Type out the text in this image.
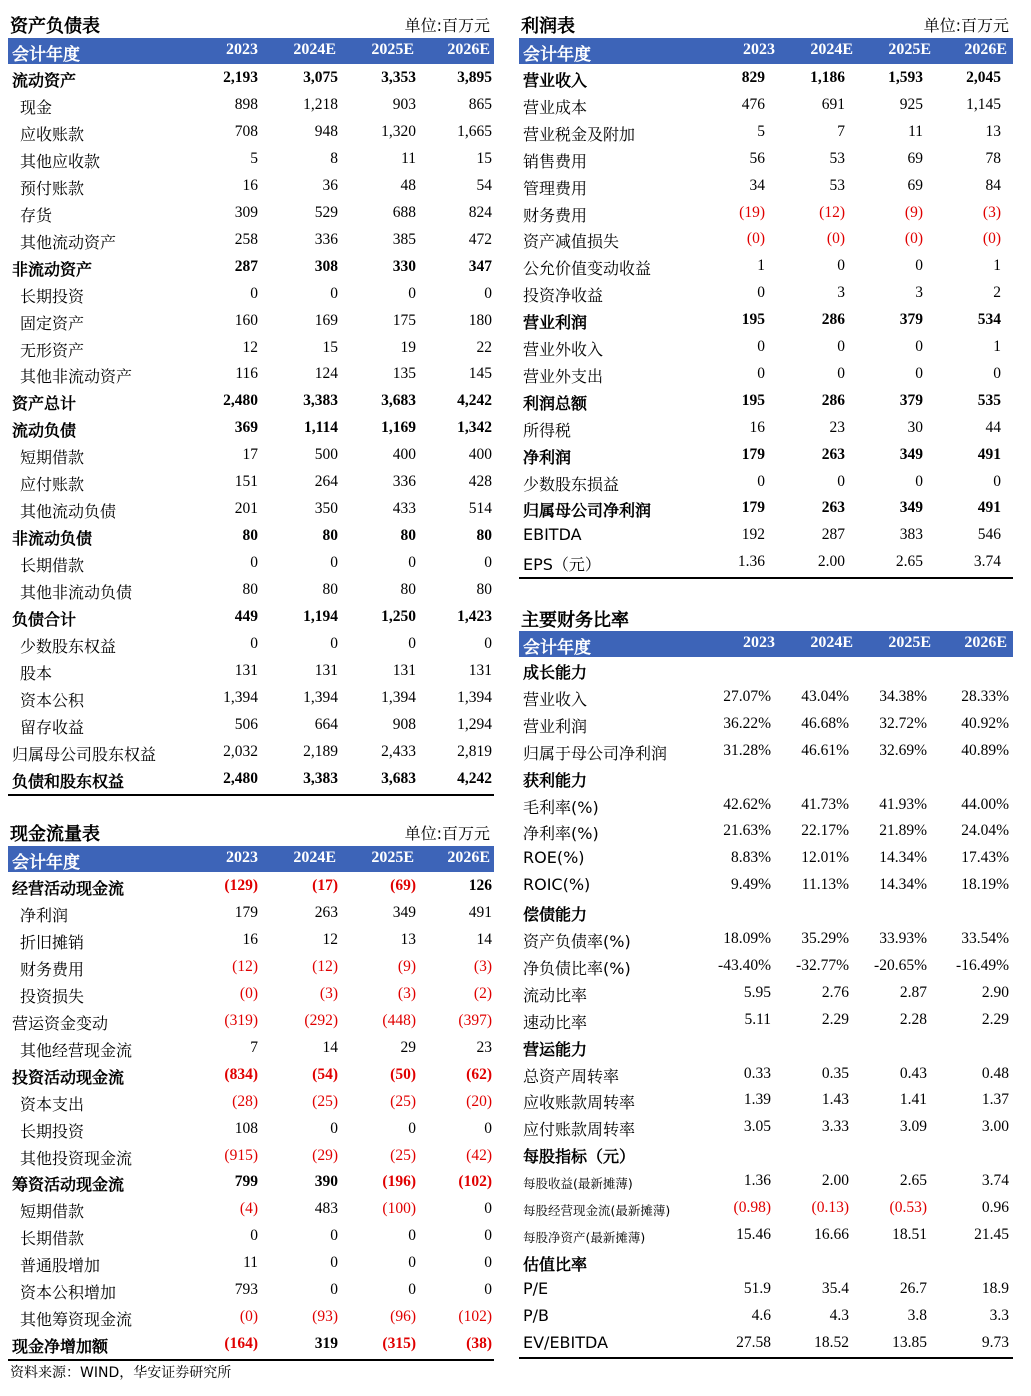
资产负债表	单位:百万元
会计年度	2023	2024E	2025E	2026E
流动资产	2,193	3,075	3,353	3,895
现金	898	1,218	903	865
应收账款	708	948	1,320	1,665
其他应收款	5	8	11	15
预付账款	16	36	48	54
存货	309	529	688	824
其他流动资产	258	336	385	472
非流动资产	287	308	330	347
长期投资	0	0	0	0
固定资产	160	169	175	180
无形资产	12	15	19	22
其他非流动资产	116	124	135	145
资产总计	2,480	3,383	3,683	4,242
流动负债	369	1,114	1,169	1,342
短期借款	17	500	400	400
应付账款	151	264	336	428
其他流动负债	201	350	433	514
非流动负债	80	80	80	80
长期借款	0	0	0	0
其他非流动负债	80	80	80	80
负债合计	449	1,194	1,250	1,423
少数股东权益	0	0	0	0
股本	131	131	131	131
资本公积	1,394	1,394	1,394	1,394
留存收益	506	664	908	1,294
归属母公司股东权益	2,032	2,189	2,433	2,819
负债和股东权益	2,480	3,383	3,683	4,242
现金流量表	单位:百万元
会计年度	2023	2024E	2025E	2026E
经营活动现金流	(129)	(17)	(69)	126
净利润	179	263	349	491
折旧摊销	16	12	13	14
财务费用	(12)	(12)	(9)	(3)
投资损失	(0)	(3)	(3)	(2)
营运资金变动	(319)	(292)	(448)	(397)
其他经营现金流	7	14	29	23
投资活动现金流	(834)	(54)	(50)	(62)
资本支出	(28)	(25)	(25)	(20)
长期投资	108	0	0	0
其他投资现金流	(915)	(29)	(25)	(42)
筹资活动现金流	799	390	(196)	(102)
短期借款	(4)	483	(100)	0
长期借款	0	0	0	0
普通股增加	11	0	0	0
资本公积增加	793	0	0	0
其他筹资现金流	(0)	(93)	(96)	(102)
现金净增加额	(164)	319	(315)	(38)
利润表	单位:百万元
会计年度	2023	2024E	2025E	2026E
营业收入	829	1,186	1,593	2,045
营业成本	476	691	925	1,145
营业税金及附加	5	7	11	13
销售费用	56	53	69	78
管理费用	34	53	69	84
财务费用	(19)	(12)	(9)	(3)
资产减值损失	(0)	(0)	(0)	(0)
公允价值变动收益	1	0	0	1
投资净收益	0	3	3	2
营业利润	195	286	379	534
营业外收入	0	0	0	1
营业外支出	0	0	0	0
利润总额	195	286	379	535
所得税	16	23	30	44
净利润	179	263	349	491
少数股东损益	0	0	0	0
归属母公司净利润	179	263	349	491
EBITDA	192	287	383	546
EPS（元）	1.36	2.00	2.65	3.74
主要财务比率
会计年度	2023	2024E	2025E	2026E
成长能力
营业收入	27.07%	43.04%	34.38%	28.33%
营业利润	36.22%	46.68%	32.72%	40.92%
归属于母公司净利润	31.28%	46.61%	32.69%	40.89%
获利能力
毛利率(%)	42.62%	41.73%	41.93%	44.00%
净利率(%)	21.63%	22.17%	21.89%	24.04%
ROE(%)	8.83%	12.01%	14.34%	17.43%
ROIC(%)	9.49%	11.13%	14.34%	18.19%
偿债能力
资产负债率(%)	18.09%	35.29%	33.93%	33.54%
净负债比率(%)	-43.40%	-32.77%	-20.65%	-16.49%
流动比率	5.95	2.76	2.87	2.90
速动比率	5.11	2.29	2.28	2.29
营运能力
总资产周转率	0.33	0.35	0.43	0.48
应收账款周转率	1.39	1.43	1.41	1.37
应付账款周转率	3.05	3.33	3.09	3.00
每股指标（元）
每股收益(最新摊薄)	1.36	2.00	2.65	3.74
每股经营现金流(最新摊薄)	(0.98)	(0.13)	(0.53)	0.96
每股净资产(最新摊薄)	15.46	16.66	18.51	21.45
估值比率
P/E	51.9	35.4	26.7	18.9
P/B	4.6	4.3	3.8	3.3
EV/EBITDA	27.58	18.52	13.85	9.73
资料来源：WIND，华安证券研究所
